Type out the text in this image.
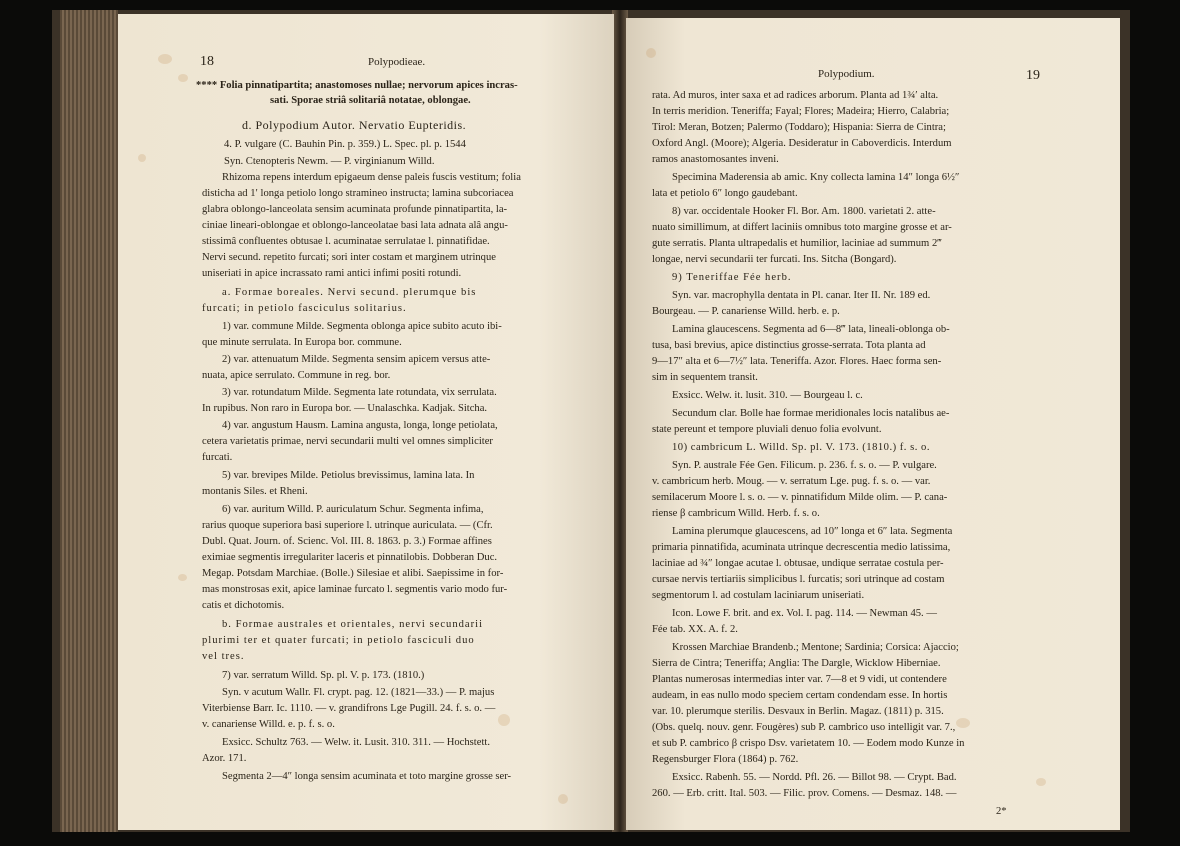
18	Polypodieae.
**** Folia pinnatipartita; anastomoses nullae; nervorum apices incras-
sati. Sporae striâ solitariâ notatae, oblongae.
d. Polypodium Autor. Nervatio Eupteridis.
4. P. vulgare (C. Bauhin Pin. p. 359.) L. Spec. pl. p. 1544
Syn. Ctenopteris Newm. — P. virginianum Willd.
Rhizoma repens interdum epigaeum dense paleis fuscis vestitum; folia
disticha ad 1′ longa petiolo longo stramineo instructa; lamina subcoriacea
glabra oblongo-lanceolata sensim acuminata profunde pinnatipartita, la-
ciniae lineari-oblongae et oblongo-lanceolatae basi lata adnata alâ angu-
stissimâ confluentes obtusae l. acuminatae serrulatae l. pinnatifidae.
Nervi secund. repetito furcati; sori inter costam et marginem utrinque
uniseriati in apice incrassato rami antici infimi positi rotundi.
a. Formae boreales. Nervi secund. plerumque bis
furcati; in petiolo fasciculus solitarius.
1) var. commune Milde. Segmenta oblonga apice subito acuto ibi-
que minute serrulata. In Europa bor. commune.
2) var. attenuatum Milde. Segmenta sensim apicem versus atte-
nuata, apice serrulato. Commune in reg. bor.
3) var. rotundatum Milde. Segmenta late rotundata, vix serrulata.
In rupibus. Non raro in Europa bor. — Unalaschka. Kadjak. Sitcha.
4) var. angustum Hausm. Lamina angusta, longa, longe petiolata,
cetera varietatis primae, nervi secundarii multi vel omnes simpliciter
furcati.
5) var. brevipes Milde. Petiolus brevissimus, lamina lata. In
montanis Siles. et Rheni.
6) var. auritum Willd. P. auriculatum Schur. Segmenta infima,
rarius quoque superiora basi superiore l. utrinque auriculata. — (Cfr.
Dubl. Quat. Journ. of. Scienc. Vol. III. 8. 1863. p. 3.) Formae affines
eximiae segmentis irregulariter laceris et pinnatilobis. Dobberan Duc.
Megap. Potsdam Marchiae. (Bolle.) Silesiae et alibi. Saepissime in for-
mas monstrosas exit, apice laminae furcato l. segmentis vario modo fur-
catis et dichotomis.
b. Formae australes et orientales, nervi secundarii
plurimi ter et quater furcati; in petiolo fasciculi duo
vel tres.
7) var. serratum Willd. Sp. pl. V. p. 173. (1810.)
Syn. v acutum Wallr. Fl. crypt. pag. 12. (1821—33.) — P. majus
Viterbiense Barr. Ic. 1110. — v. grandifrons Lge Pugill. 24. f. s. o. —
v. canariense Willd. e. p. f. s. o.
Exsicc. Schultz 763. — Welw. it. Lusit. 310. 311. — Hochstett.
Azor. 171.
Segmenta 2—4″ longa sensim acuminata et toto margine grosse ser-
Polypodium.	19
rata. Ad muros, inter saxa et ad radices arborum. Planta ad 1¾′ alta.
In terris meridion. Teneriffa; Fayal; Flores; Madeira; Hierro, Calabria;
Tirol: Meran, Botzen; Palermo (Toddaro); Hispania: Sierra de Cintra;
Oxford Angl. (Moore); Algeria. Desideratur in Caboverdicis. Interdum
ramos anastomosantes inveni.
Specimina Maderensia ab amic. Kny collecta lamina 14″ longa 6½″
lata et petiolo 6″ longo gaudebant.
8) var. occidentale Hooker Fl. Bor. Am. 1800. varietati 2. atte-
nuato simillimum, at differt laciniis omnibus toto margine grosse et ar-
gute serratis. Planta ultrapedalis et humilior, laciniae ad summum 2‴
longae, nervi secundarii ter furcati. Ins. Sitcha (Bongard).
9) Teneriffae Fée herb.
Syn. var. macrophylla dentata in Pl. canar. Iter II. Nr. 189 ed.
Bourgeau. — P. canariense Willd. herb. e. p.
Lamina glaucescens. Segmenta ad 6—8‴ lata, lineali-oblonga ob-
tusa, basi brevius, apice distinctius grosse-serrata. Tota planta ad
9—17″ alta et 6—7½″ lata. Teneriffa. Azor. Flores. Haec forma sen-
sim in sequentem transit.
Exsicc. Welw. it. lusit. 310. — Bourgeau l. c.
Secundum clar. Bolle hae formae meridionales locis natalibus ae-
state pereunt et tempore pluviali denuo folia evolvunt.
10) cambricum L. Willd. Sp. pl. V. 173. (1810.) f. s. o.
Syn. P. australe Fée Gen. Filicum. p. 236. f. s. o. — P. vulgare.
v. cambricum herb. Moug. — v. serratum Lge. pug. f. s. o. — var.
semilacerum Moore l. s. o. — v. pinnatifidum Milde olim. — P. cana-
riense β cambricum Willd. Herb. f. s. o.
Lamina plerumque glaucescens, ad 10″ longa et 6″ lata. Segmenta
primaria pinnatifida, acuminata utrinque decrescentia medio latissima,
laciniae ad ¾″ longae acutae l. obtusae, undique serratae costula per-
cursae nervis tertiariis simplicibus l. furcatis; sori utrinque ad costam
segmentorum l. ad costulam laciniarum uniseriati.
Icon. Lowe F. brit. and ex. Vol. I. pag. 114. — Newman 45. —
Fée tab. XX. A. f. 2.
Krossen Marchiae Brandenb.; Mentone; Sardinia; Corsica: Ajaccio;
Sierra de Cintra; Teneriffa; Anglia: The Dargle, Wicklow Hiberniae.
Plantas numerosas intermedias inter var. 7—8 et 9 vidi, ut contendere
audeam, in eas nullo modo speciem certam condendam esse. In hortis
var. 10. plerumque sterilis. Desvaux in Berlin. Magaz. (1811) p. 315.
(Obs. quelq. nouv. genr. Fougères) sub P. cambrico uso intelligit var. 7.,
et sub P. cambrico β crispo Dsv. varietatem 10. — Eodem modo Kunze in
Regensburger Flora (1864) p. 762.
Exsicc. Rabenh. 55. — Nordd. Pfl. 26. — Billot 98. — Crypt. Bad.
260. — Erb. critt. Ital. 503. — Filic. prov. Comens. — Desmaz. 148. —
2*
